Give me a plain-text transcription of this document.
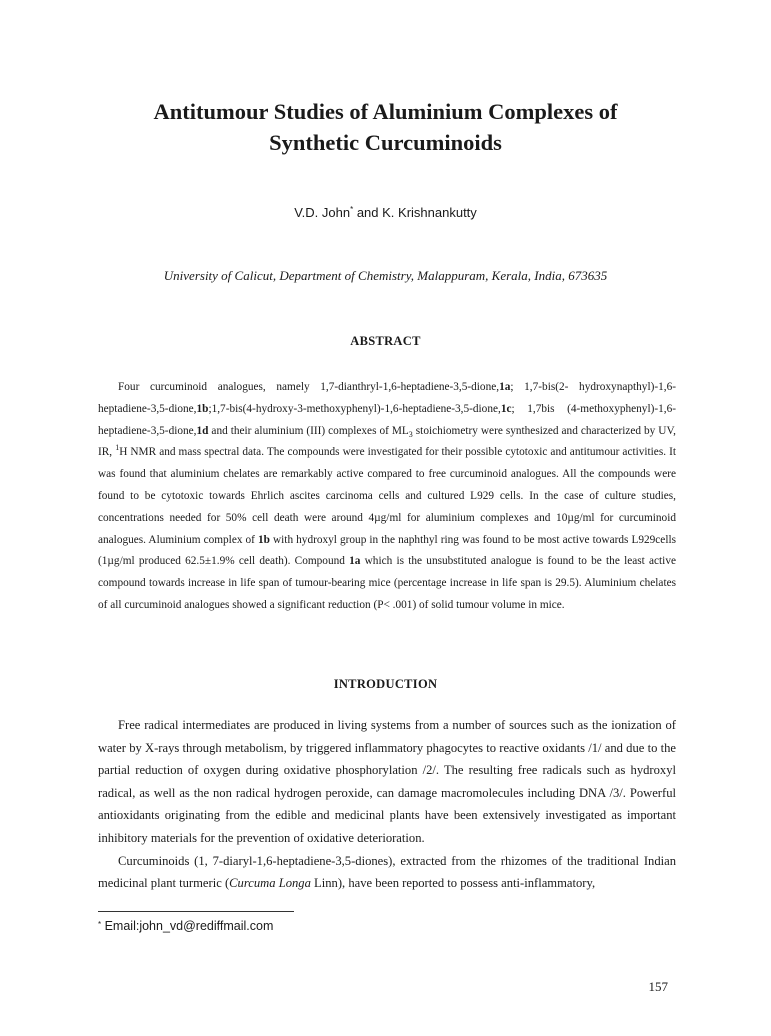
Antitumour Studies of Aluminium Complexes of
Synthetic Curcuminoids
V.D. John* and K. Krishnankutty
University of Calicut, Department of Chemistry, Malappuram, Kerala, India, 673635
ABSTRACT

Four curcuminoid analogues, namely 1,7-dianthryl-1,6-heptadiene-3,5-dione,1a; 1,7-bis(2- hydroxynapthyl)-1,6-heptadiene-3,5-dione,1b;1,7-bis(4-hydroxy-3-methoxyphenyl)-1,6-heptadiene-3,5-dione,1c; 1,7bis (4-methoxyphenyl)-1,6-heptadiene-3,5-dione,1d and their aluminium (III) complexes of $ML_3$ stoichiometry were synthesized and characterized by UV, IR, $^1$H NMR and mass spectral data. The compounds were investigated for their possible cytotoxic and antitumour activities. It was found that aluminium chelates are remarkably active compared to free curcuminoid analogues. All the compounds were found to be cytotoxic towards Ehrlich ascites carcinoma cells and cultured L929 cells. In the case of culture studies, concentrations needed for 50% cell death were around 4µg/ml for aluminium complexes and 10µg/ml for curcuminoid analogues. Aluminium complex of 1b with hydroxyl group in the naphthyl ring was found to be most active towards L929cells (1µg/ml produced 62.5±1.9% cell death). Compound 1a which is the unsubstituted analogue is found to be the least active compound towards increase in life span of tumour-bearing mice (percentage increase in life span is 29.5). Aluminium chelates of all curcuminoid analogues showed a significant reduction (P< .001) of solid tumour volume in mice.

INTRODUCTION

Free radical intermediates are produced in living systems from a number of sources such as the ionization of water by X-rays through metabolism, by triggered inflammatory phagocytes to reactive oxidants /1/ and due to the partial reduction of oxygen during oxidative phosphorylation /2/. The resulting free radicals such as hydroxyl radical, as well as the non radical hydrogen peroxide, can damage macromolecules including DNA /3/. Powerful antioxidants originating from the edible and medicinal plants have been extensively investigated as important inhibitory materials for the prevention of oxidative deterioration.

Curcuminoids (1, 7-diaryl-1,6-heptadiene-3,5-diones), extracted from the rhizomes of the traditional Indian medicinal plant turmeric (Curcuma Longa Linn), have been reported to possess anti-inflammatory,

* Email:john_vd@rediffmail.com
157
